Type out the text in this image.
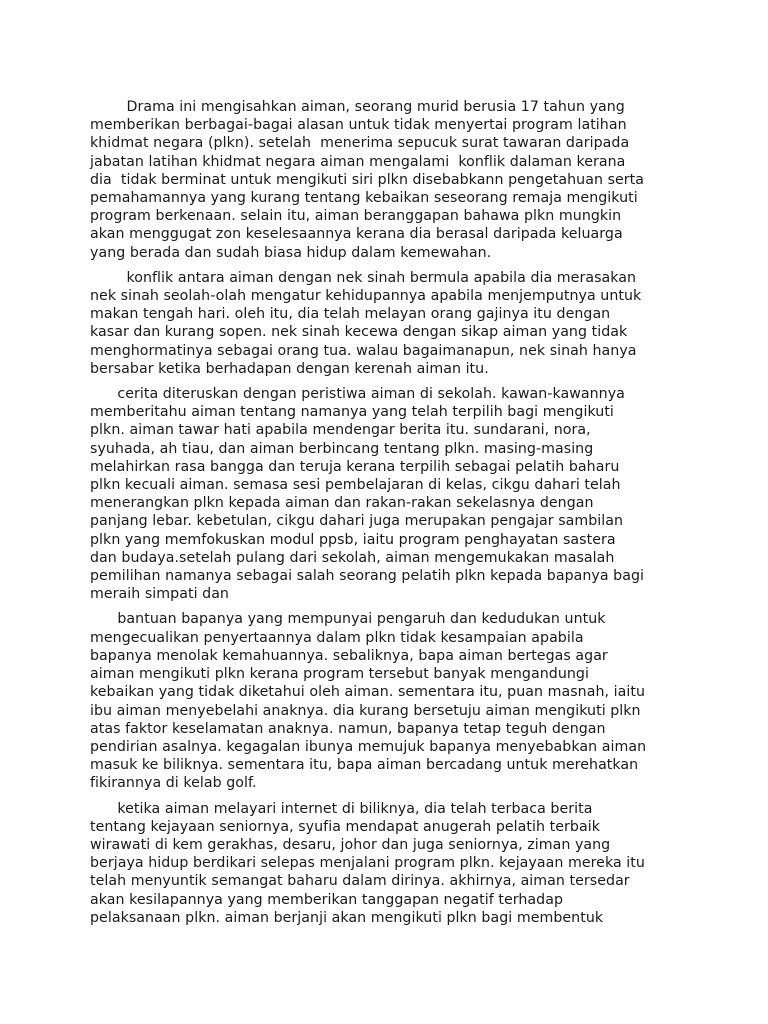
Drama ini mengisahkan aiman, seorang murid berusia 17 tahun yang
memberikan berbagai-bagai alasan untuk tidak menyertai program latihan
khidmat negara (plkn). setelah  menerima sepucuk surat tawaran daripada
jabatan latihan khidmat negara aiman mengalami  konflik dalaman kerana
dia  tidak berminat untuk mengikuti siri plkn disebabkann pengetahuan serta
pemahamannya yang kurang tentang kebaikan seseorang remaja mengikuti
program berkenaan. selain itu, aiman beranggapan bahawa plkn mungkin
akan menggugat zon keselesaannya kerana dia berasal daripada keluarga
yang berada dan sudah biasa hidup dalam kemewahan.

konflik antara aiman dengan nek sinah bermula apabila dia merasakan
nek sinah seolah-olah mengatur kehidupannya apabila menjemputnya untuk
makan tengah hari. oleh itu, dia telah melayan orang gajinya itu dengan
kasar dan kurang sopen. nek sinah kecewa dengan sikap aiman yang tidak
menghormatinya sebagai orang tua. walau bagaimanapun, nek sinah hanya
bersabar ketika berhadapan dengan kerenah aiman itu.

cerita diteruskan dengan peristiwa aiman di sekolah. kawan-kawannya
memberitahu aiman tentang namanya yang telah terpilih bagi mengikuti
plkn. aiman tawar hati apabila mendengar berita itu. sundarani, nora,
syuhada, ah tiau, dan aiman berbincang tentang plkn. masing-masing
melahirkan rasa bangga dan teruja kerana terpilih sebagai pelatih baharu
plkn kecuali aiman. semasa sesi pembelajaran di kelas, cikgu dahari telah
menerangkan plkn kepada aiman dan rakan-rakan sekelasnya dengan
panjang lebar. kebetulan, cikgu dahari juga merupakan pengajar sambilan
plkn yang memfokuskan modul ppsb, iaitu program penghayatan sastera
dan budaya.setelah pulang dari sekolah, aiman mengemukakan masalah
pemilihan namanya sebagai salah seorang pelatih plkn kepada bapanya bagi
meraih simpati dan

bantuan bapanya yang mempunyai pengaruh dan kedudukan untuk
mengecualikan penyertaannya dalam plkn tidak kesampaian apabila
bapanya menolak kemahuannya. sebaliknya, bapa aiman bertegas agar
aiman mengikuti plkn kerana program tersebut banyak mengandungi
kebaikan yang tidak diketahui oleh aiman. sementara itu, puan masnah, iaitu
ibu aiman menyebelahi anaknya. dia kurang bersetuju aiman mengikuti plkn
atas faktor keselamatan anaknya. namun, bapanya tetap teguh dengan
pendirian asalnya. kegagalan ibunya memujuk bapanya menyebabkan aiman
masuk ke biliknya. sementara itu, bapa aiman bercadang untuk merehatkan
fikirannya di kelab golf.

ketika aiman melayari internet di biliknya, dia telah terbaca berita
tentang kejayaan seniornya, syufia mendapat anugerah pelatih terbaik
wirawati di kem gerakhas, desaru, johor dan juga seniornya, ziman yang
berjaya hidup berdikari selepas menjalani program plkn. kejayaan mereka itu
telah menyuntik semangat baharu dalam dirinya. akhirnya, aiman tersedar
akan kesilapannya yang memberikan tanggapan negatif terhadap
pelaksanaan plkn. aiman berjanji akan mengikuti plkn bagi membentuk
